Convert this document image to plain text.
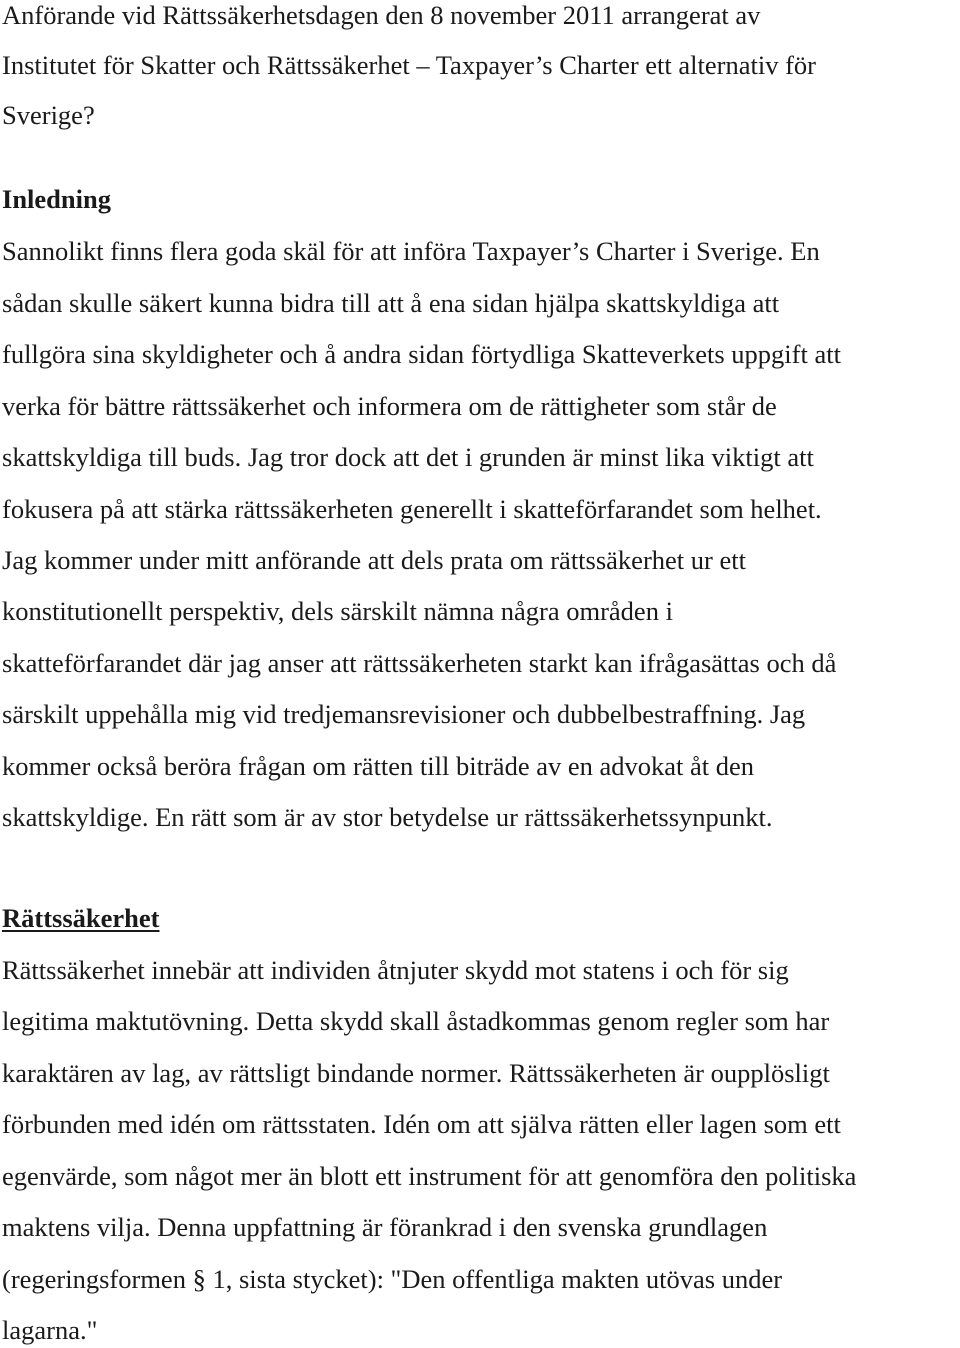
Anförande vid Rättssäkerhetsdagen den 8 november 2011 arrangerat av

Institutet för Skatter och Rättssäkerhet – Taxpayer’s Charter ett alternativ för

Sverige?

Inledning

Sannolikt finns flera goda skäl för att införa Taxpayer’s Charter i Sverige. En

sådan skulle säkert kunna bidra till att å ena sidan hjälpa skattskyldiga att

fullgöra sina skyldigheter och å andra sidan förtydliga Skatteverkets uppgift att

verka för bättre rättssäkerhet och informera om de rättigheter som står de

skattskyldiga till buds. Jag tror dock att det i grunden är minst lika viktigt att

fokusera på att stärka rättssäkerheten generellt i skatteförfarandet som helhet.

Jag kommer under mitt anförande att dels prata om rättssäkerhet ur ett

konstitutionellt perspektiv, dels särskilt nämna några områden i

skatteförfarandet där jag anser att rättssäkerheten starkt kan ifrågasättas och då

särskilt uppehålla mig vid tredjemansrevisioner och dubbelbestraffning. Jag

kommer också beröra frågan om rätten till biträde av en advokat åt den

skattskyldige. En rätt som är av stor betydelse ur rättssäkerhetssynpunkt.

Rättssäkerhet

Rättssäkerhet innebär att individen åtnjuter skydd mot statens i och för sig

legitima maktutövning. Detta skydd skall åstadkommas genom regler som har

karaktären av lag, av rättsligt bindande normer. Rättssäkerheten är oupplösligt

förbunden med idén om rättsstaten. Idén om att själva rätten eller lagen som ett

egenvärde, som något mer än blott ett instrument för att genomföra den politiska

maktens vilja. Denna uppfattning är förankrad i den svenska grundlagen

(regeringsformen § 1, sista stycket): "Den offentliga makten utövas under

lagarna."
